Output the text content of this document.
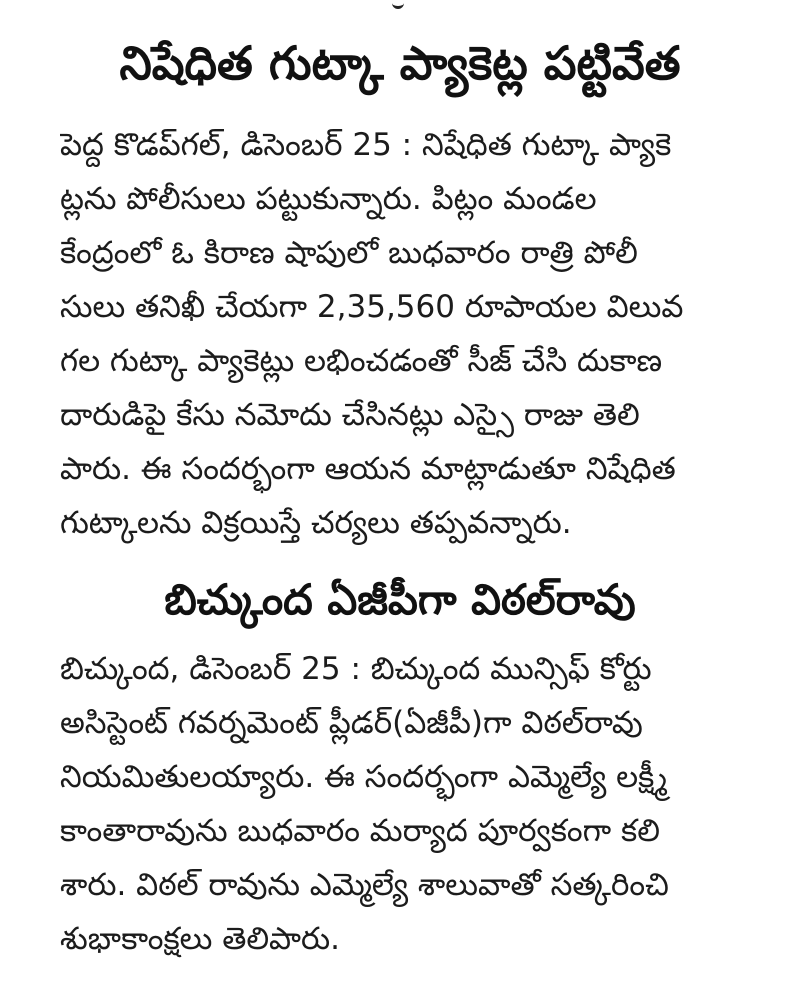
నిషేధిత గుట్కా ప్యాకెట్ల పట్టివేత
పెద్ద కొడప్‌గల్, డిసెంబర్ 25 : నిషేధిత గుట్కా ప్యాకె
ట్లను పోలీసులు పట్టుకున్నారు. పిట్లం మండల
కేంద్రంలో ఓ కిరాణ షాపులో బుధవారం రాత్రి పోలీ
సులు తనిఖీ చేయగా 2,35,560 రూపాయల విలువ
గల గుట్కా ప్యాకెట్లు లభించడంతో సీజ్ చేసి దుకాణ
దారుడిపై కేసు నమోదు చేసినట్లు ఎస్సై రాజు తెలి
పారు. ఈ సందర్భంగా ఆయన మాట్లాడుతూ నిషేధిత
గుట్కాలను విక్రయిస్తే చర్యలు తప్పవన్నారు.
బిచ్కుంద ఏజీపీగా విఠల్‌రావు
బిచ్కుంద, డిసెంబర్ 25 : బిచ్కుంద మున్సిఫ్ కోర్టు
అసిస్టెంట్ గవర్నమెంట్ ప్లీడర్(ఏజీపీ)గా విఠల్‌రావు
నియమితులయ్యారు. ఈ సందర్భంగా ఎమ్మెల్యే లక్ష్మీ
కాంతారావును బుధవారం మర్యాద పూర్వకంగా కలి
శారు. విఠల్ రావును ఎమ్మెల్యే శాలువాతో సత్కరించి
శుభాకాంక్షలు తెలిపారు.
